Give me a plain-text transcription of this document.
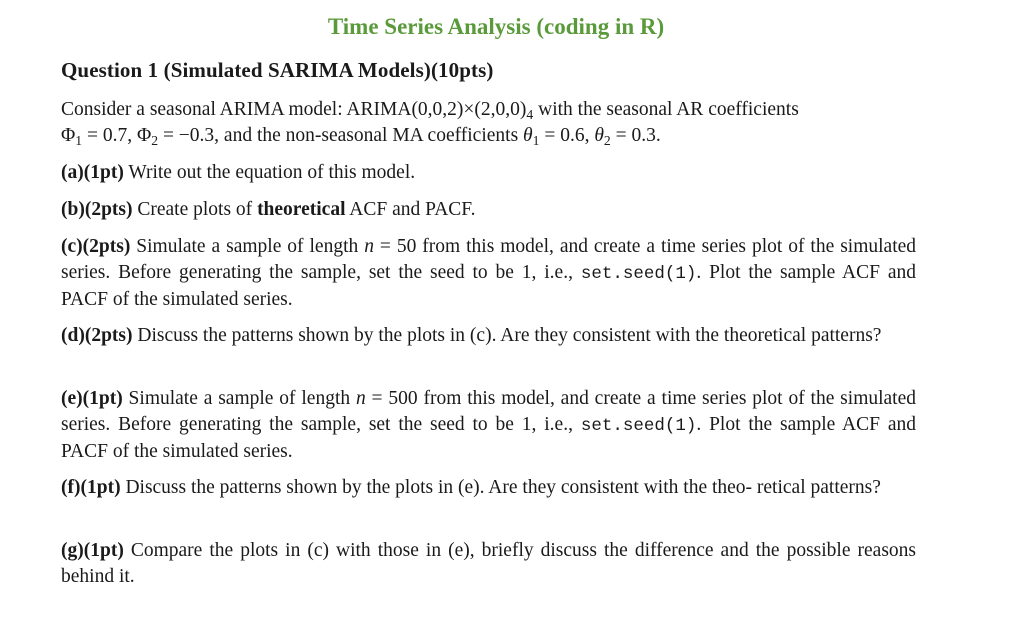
Time Series Analysis (coding in R)
Question 1 (Simulated SARIMA Models)(10pts)
Consider a seasonal ARIMA model: $ARIMA(0,0,2)\times(2,0,0)_4$ with the seasonal AR coefficients
$\Phi_1 = 0.7$, $\Phi_2 = -0.3$, and the non-seasonal MA coefficients $\theta_1 = 0.6$, $\theta_2 = 0.3$.
(a)(1pt) Write out the equation of this model.
(b)(2pts) Create plots of theoretical ACF and PACF.
(c)(2pts) Simulate a sample of length n = 50 from this model, and create a time series plot of the simulated series. Before generating the sample, set the seed to be 1, i.e., set.seed(1). Plot the sample ACF and PACF of the simulated series.
(d)(2pts) Discuss the patterns shown by the plots in (c). Are they consistent with the theoretical patterns?
(e)(1pt) Simulate a sample of length n = 500 from this model, and create a time series plot of the simulated series. Before generating the sample, set the seed to be 1, i.e., set.seed(1). Plot the sample ACF and PACF of the simulated series.
(f)(1pt) Discuss the patterns shown by the plots in (e). Are they consistent with the theo- retical patterns?
(g)(1pt) Compare the plots in (c) with those in (e), briefly discuss the difference and the possible reasons behind it.
